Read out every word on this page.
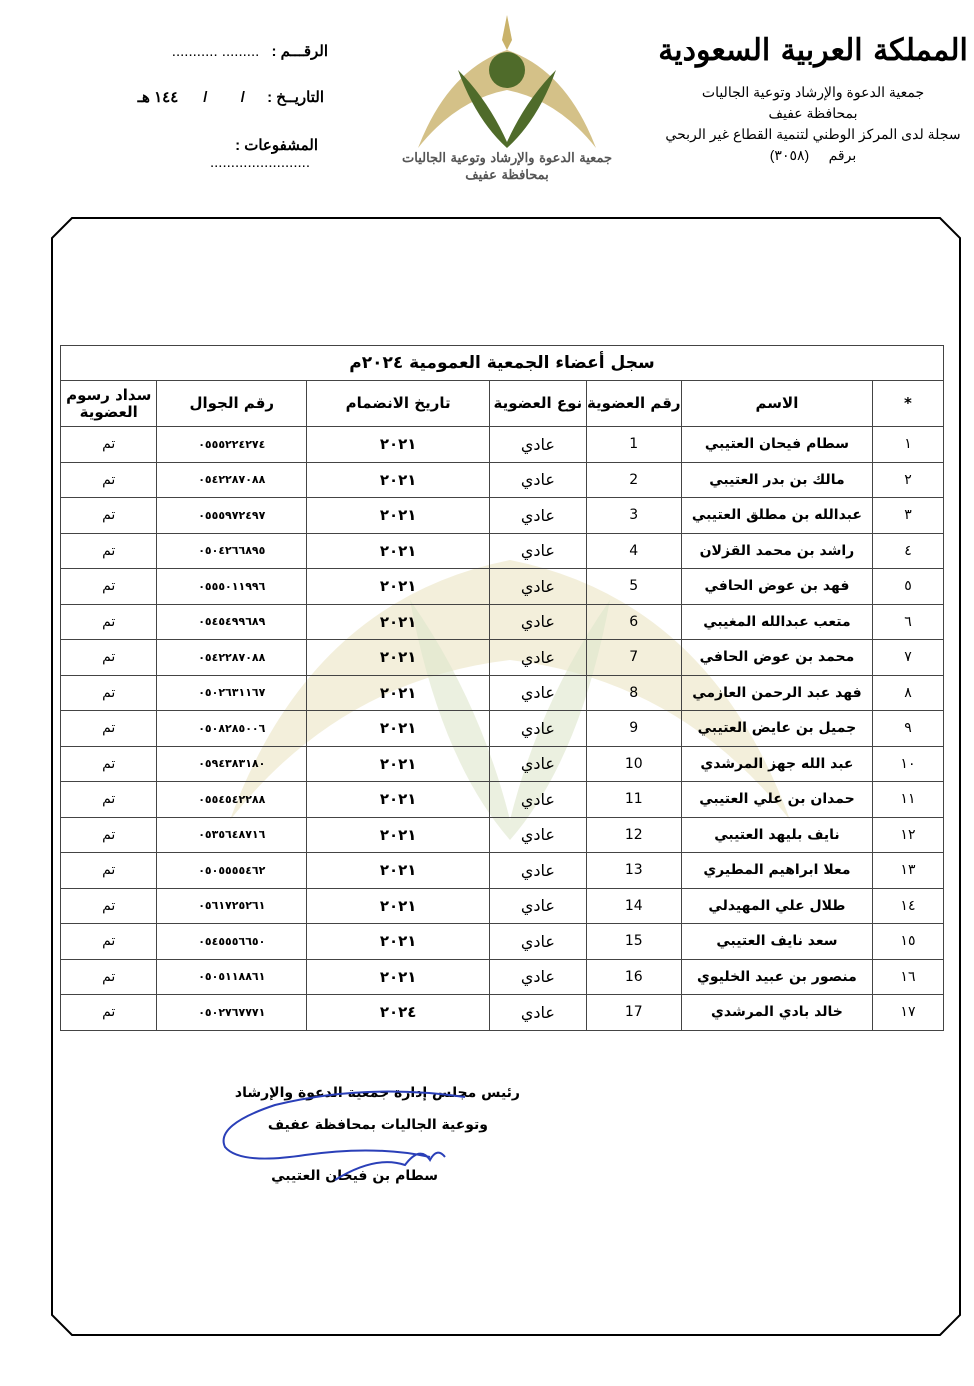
المملكة العربية السعودية
جمعية الدعوة والإرشاد وتوعية الجاليات
بمحافظة عفيف
سجلة لدى المركز الوطني لتنمية القطاع غير الربحي
برقم     (٣٠٥٨)
جمعية الدعوة والإرشاد وتوعية الجاليات بمحافظة عفيف
الرقـــم : ......... ...........
التاريــخ : /        /      ١٤٤ هـ
المشفوعات : ........................
سجل أعضاء الجمعية العمومية ٢٠٢٤م						
*	الاسم	رقم العضوية	نوع العضوية	تاريخ الانضمام	رقم الجوال	سداد رسوم العضوية
١	سطام فيحان العتيبي	1	عادي	٢٠٢١	٠٥٥٥٢٢٤٢٧٤	تم
٢	مالك بن بدر العتيبي	2	عادي	٢٠٢١	٠٥٤٢٢٨٧٠٨٨	تم
٣	عبدالله بن مطلق العتيبي	3	عادي	٢٠٢١	٠٥٥٥٩٧٢٤٩٧	تم
٤	راشد بن محمد القزلان	4	عادي	٢٠٢١	٠٥٠٤٢٦٦٨٩٥	تم
٥	فهد بن عوض الحافي	5	عادي	٢٠٢١	٠٥٥٥٠١١٩٩٦	تم
٦	متعب عبدالله المغيبي	6	عادي	٢٠٢١	٠٥٤٥٤٩٩٦٨٩	تم
٧	محمد بن عوض الحافي	7	عادي	٢٠٢١	٠٥٤٢٢٨٧٠٨٨	تم
٨	فهد عبد الرحمن العازمي	8	عادي	٢٠٢١	٠٥٠٢٦٣١١٦٧	تم
٩	جميل بن عايض العتيبي	9	عادي	٢٠٢١	٠٥٠٨٢٨٥٠٠٦	تم
١٠	عبد الله جهز المرشدي	10	عادي	٢٠٢١	٠٥٩٤٣٨٣١٨٠	تم
١١	حمدان بن علي العتيبي	11	عادي	٢٠٢١	٠٥٥٤٥٤٢٢٨٨	تم
١٢	نايف بليهد العتيبي	12	عادي	٢٠٢١	٠٥٣٥٦٤٨٧١٦	تم
١٣	معلا ابراهيم المطيري	13	عادي	٢٠٢١	٠٥٠٥٥٥٥٤٦٢	تم
١٤	طلال علي المهيدلي	14	عادي	٢٠٢١	٠٥٦١٧٢٥٢٦١	تم
١٥	سعد نايف العتيبي	15	عادي	٢٠٢١	٠٥٤٥٥٥٦٦٥٠	تم
١٦	منصور بن عبيد الخليوي	16	عادي	٢٠٢١	٠٥٠٥١١٨٨٦١	تم
١٧	خالد بادي المرشدي	17	عادي	٢٠٢٤	٠٥٠٢٧٦٧٧٧١	تم
رئيس مجلس إدارة جمعية الدعوة والإرشاد
وتوعية الجاليات بمحافظة عفيف
سطام بن فيحان العتيبي
